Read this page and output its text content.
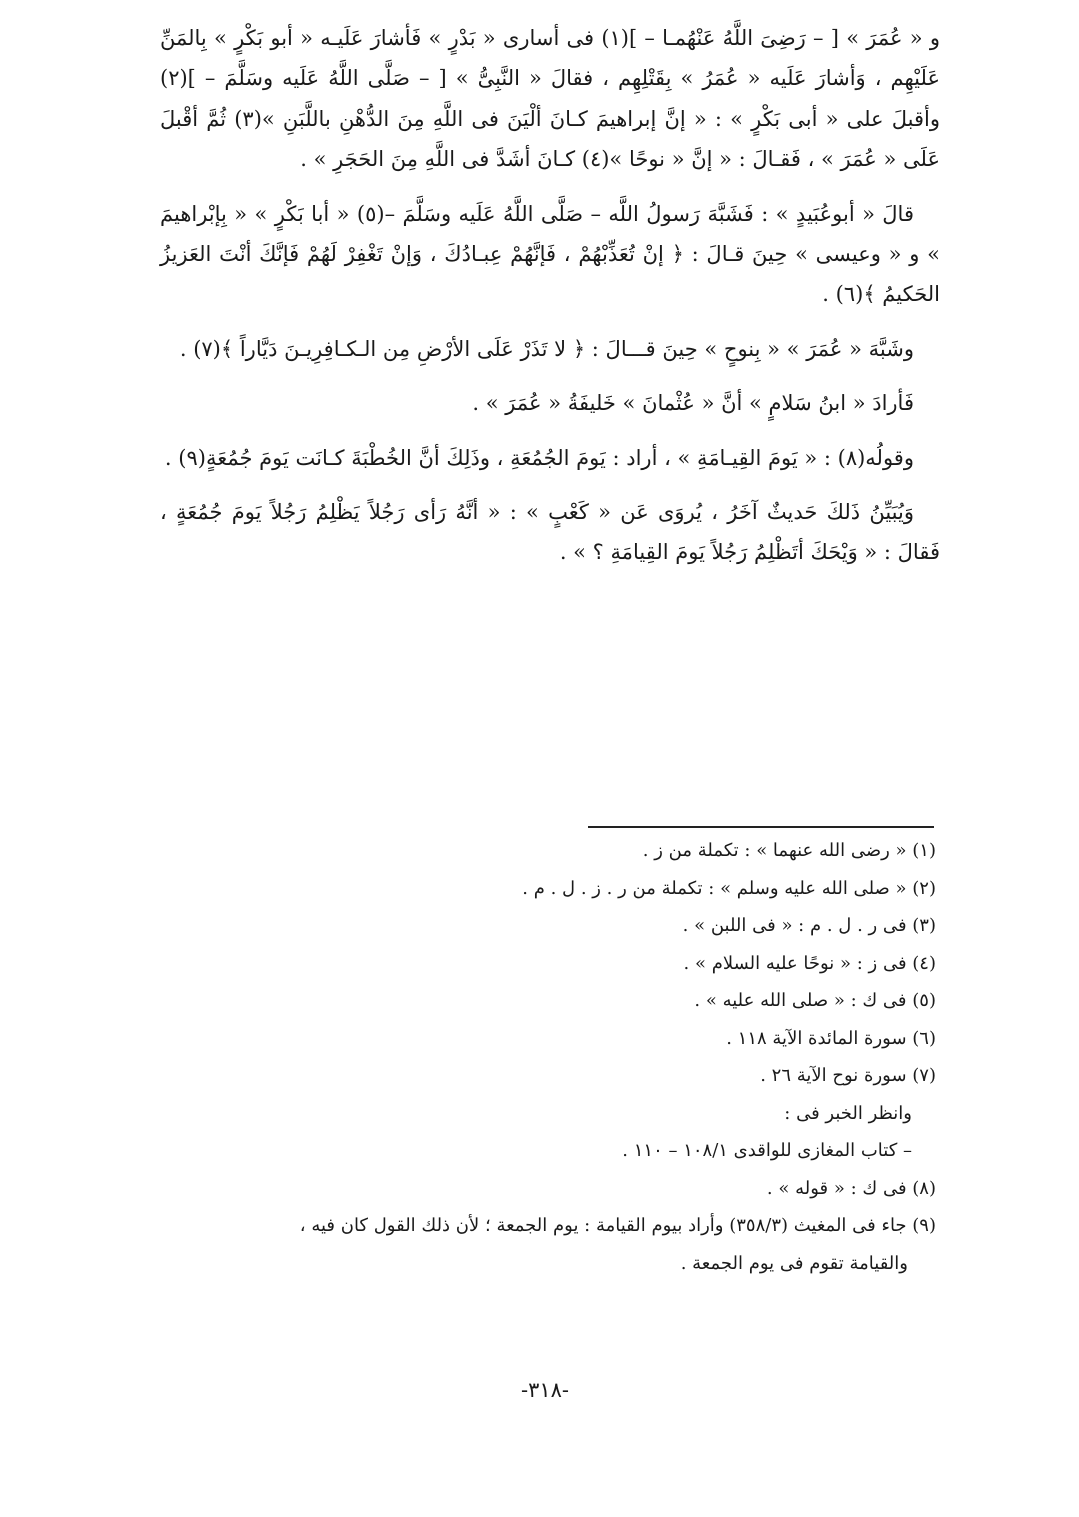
و « عُمَرَ » [ – رَضِىَ اللَّهُ عَنْهُمـا – ](١) فى أسارى « بَدْرٍ » فَأشارَ عَلَيـه « أبو بَكْرٍ » بِالمَنِّ عَلَيْهِم ، وَأشارَ عَلَيه « عُمَرُ » بِقَتْلِهِم ، فقالَ « النَّبِىُّ » [ – صَلَّى اللَّهُ عَلَيه وسَلَّمَ – ](٢) وأقبلَ على « أبى بَكْرٍ » : « إنَّ إبراهيمَ كـانَ ألْيَنَ فى اللَّهِ مِنَ الدُّهْنِ باللَّبَنِ »(٣) ثُمَّ أقْبلَ عَلَى « عُمَرَ » ، فَقـالَ : « إنَّ « نوحًا »(٤) كـانَ أشَدَّ فى اللَّهِ مِنَ الحَجَرِ » .

قالَ « أبوعُبَيدٍ » : فَشَبَّهَ رَسولُ اللَّه – صَلَّى اللَّهُ عَلَيه وسَلَّمَ –(٥) « أبا بَكْرٍ » « بِإبْراهيمَ » و « وعيسى » حِينَ قـالَ : ﴿ إنْ تُعَذِّبْهُمْ ، فَإنَّهُمْ عِبـادُكَ ، وَإنْ تَغْفِرْ لَهُمْ فَإنَّكَ أنْتَ العَزيزُ الحَكيمُ ﴾(٦) .

وشَبَّهَ « عُمَرَ » « بِنوحٍ » حِينَ قـــالَ : ﴿ لا تَذَرْ عَلَى الأرْضِ مِن الـكـافِرِيـنَ دَيَّاراً ﴾(٧) .

فَأرادَ « ابنُ سَلامٍ » أنَّ « عُثْمانَ » خَليفَةُ « عُمَرَ » .

وقولُه(٨) : « يَومَ القِيـامَةِ » ، أراد : يَومَ الجُمُعَةِ ، وذَلِكَ أنَّ الخُطْبَةَ كـانَت يَومَ جُمُعَةٍ(٩) .

وَيُبَيِّنُ ذَلكَ حَديثٌ آخَرُ ، يُروَى عَن « كَعْبٍ » : « أنَّهُ رَأى رَجُلاً يَظْلِمُ رَجُلاً يَومَ جُمُعَةٍ ، فَقالَ : « وَيْحَكَ أتَظْلِمُ رَجُلاً يَومَ القِيامَةِ ؟ » .

(١) « رضى الله عنهما » : تكملة من ز .

(٢) « صلى الله عليه وسلم » : تكملة من ر . ز . ل . م .

(٣) فى ر . ل . م : « فى اللبن » .

(٤) فى ز : « نوحًا عليه السلام » .

(٥) فى ك : « صلى الله عليه » .

(٦) سورة المائدة الآية ١١٨ .

(٧) سورة نوح الآية ٢٦ .

وانظر الخبر فى :

– كتاب المغازى للواقدى ١٠٨/١ – ١١٠ .

(٨) فى ك : « قوله » .

(٩) جاء فى المغيث (٣٥٨/٣) وأراد بيوم القيامة : يوم الجمعة ؛ لأن ذلك القول كان فيه ،

والقيامة تقوم فى يوم الجمعة .

-٣١٨-
